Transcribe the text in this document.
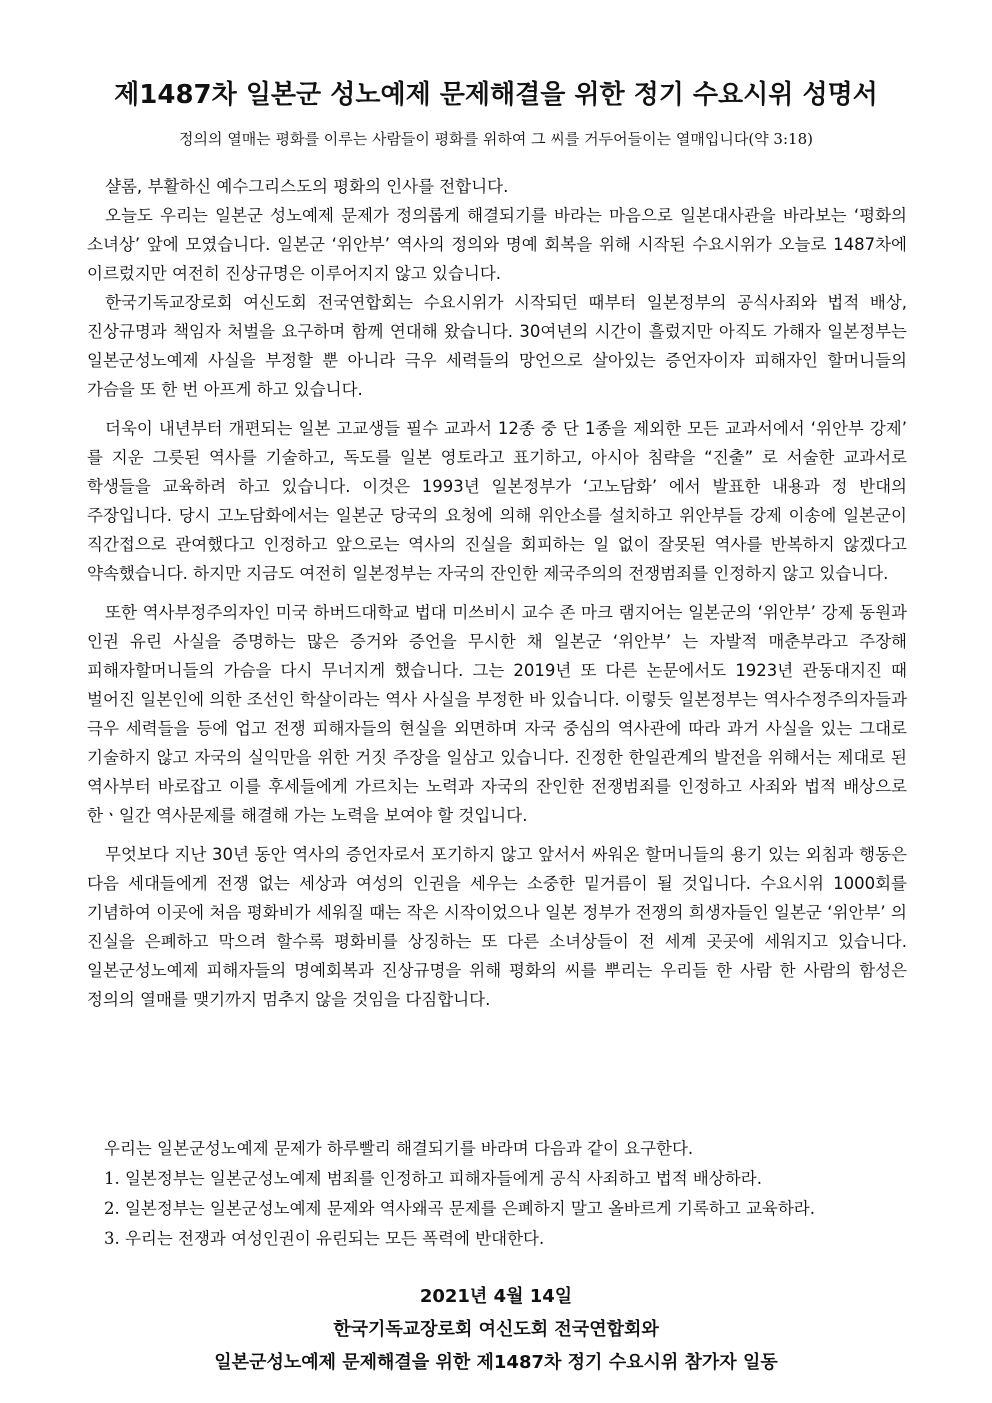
제1487차 일본군 성노예제 문제해결을 위한 정기 수요시위 성명서
정의의 열매는 평화를 이루는 사람들이 평화를 위하여 그 씨를 거두어들이는 열매입니다(약 3:18)

샬롬, 부활하신 예수그리스도의 평화의 인사를 전합니다.

오늘도 우리는 일본군 성노예제 문제가 정의롭게 해결되기를 바라는 마음으로 일본대사관을 바라보는 ‘평화의 소녀상’ 앞에 모였습니다. 일본군 ‘위안부’ 역사의 정의와 명예 회복을 위해 시작된 수요시위가 오늘로 1487차에 이르렀지만 여전히 진상규명은 이루어지지 않고 있습니다.

한국기독교장로회 여신도회 전국연합회는 수요시위가 시작되던 때부터 일본정부의 공식사죄와 법적 배상, 진상규명과 책임자 처벌을 요구하며 함께 연대해 왔습니다. 30여년의 시간이 흘렀지만 아직도 가해자 일본정부는 일본군성노예제 사실을 부정할 뿐 아니라 극우 세력들의 망언으로 살아있는 증언자이자 피해자인 할머니들의 가슴을 또 한 번 아프게 하고 있습니다.

더욱이 내년부터 개편되는 일본 고교생들 필수 교과서 12종 중 단 1종을 제외한 모든 교과서에서 ‘위안부 강제’ 를 지운 그릇된 역사를 기술하고, 독도를 일본 영토라고 표기하고, 아시아 침략을 “진출” 로 서술한 교과서로 학생들을 교육하려 하고 있습니다. 이것은 1993년 일본정부가 ‘고노담화’ 에서 발표한 내용과 정 반대의 주장입니다. 당시 고노담화에서는 일본군 당국의 요청에 의해 위안소를 설치하고 위안부들 강제 이송에 일본군이 직간접으로 관여했다고 인정하고 앞으로는 역사의 진실을 회피하는 일 없이 잘못된 역사를 반복하지 않겠다고 약속했습니다. 하지만 지금도 여전히 일본정부는 자국의 잔인한 제국주의의 전쟁범죄를 인정하지 않고 있습니다.

또한 역사부정주의자인 미국 하버드대학교 법대 미쓰비시 교수 존 마크 램지어는 일본군의 ‘위안부’ 강제 동원과 인권 유린 사실을 증명하는 많은 증거와 증언을 무시한 채 일본군 ‘위안부’ 는 자발적 매춘부라고 주장해 피해자할머니들의 가슴을 다시 무너지게 했습니다. 그는 2019년 또 다른 논문에서도 1923년 관동대지진 때 벌어진 일본인에 의한 조선인 학살이라는 역사 사실을 부정한 바 있습니다. 이렇듯 일본정부는 역사수정주의자들과 극우 세력들을 등에 업고 전쟁 피해자들의 현실을 외면하며 자국 중심의 역사관에 따라 과거 사실을 있는 그대로 기술하지 않고 자국의 실익만을 위한 거짓 주장을 일삼고 있습니다. 진정한 한일관계의 발전을 위해서는 제대로 된 역사부터 바로잡고 이를 후세들에게 가르치는 노력과 자국의 잔인한 전쟁범죄를 인정하고 사죄와 법적 배상으로 한ㆍ일간 역사문제를 해결해 가는 노력을 보여야 할 것입니다.

무엇보다 지난 30년 동안 역사의 증언자로서 포기하지 않고 앞서서 싸워온 할머니들의 용기 있는 외침과 행동은 다음 세대들에게 전쟁 없는 세상과 여성의 인권을 세우는 소중한 밑거름이 될 것입니다. 수요시위 1000회를 기념하여 이곳에 처음 평화비가 세워질 때는 작은 시작이었으나 일본 정부가 전쟁의 희생자들인 일본군 ‘위안부’ 의 진실을 은폐하고 막으려 할수록 평화비를 상징하는 또 다른 소녀상들이 전 세계 곳곳에 세워지고 있습니다. 일본군성노예제 피해자들의 명예회복과 진상규명을 위해 평화의 씨를 뿌리는 우리들 한 사람 한 사람의 함성은 정의의 열매를 맺기까지 멈추지 않을 것임을 다짐합니다.

우리는 일본군성노예제 문제가 하루빨리 해결되기를 바라며 다음과 같이 요구한다.
1. 일본정부는 일본군성노예제 범죄를 인정하고 피해자들에게 공식 사죄하고 법적 배상하라.
2. 일본정부는 일본군성노예제 문제와 역사왜곡 문제를 은폐하지 말고 올바르게 기록하고 교육하라.
3. 우리는 전쟁과 여성인권이 유린되는 모든 폭력에 반대한다.
2021년 4월 14일
한국기독교장로회 여신도회 전국연합회와
일본군성노예제 문제해결을 위한 제1487차 정기 수요시위 참가자 일동
